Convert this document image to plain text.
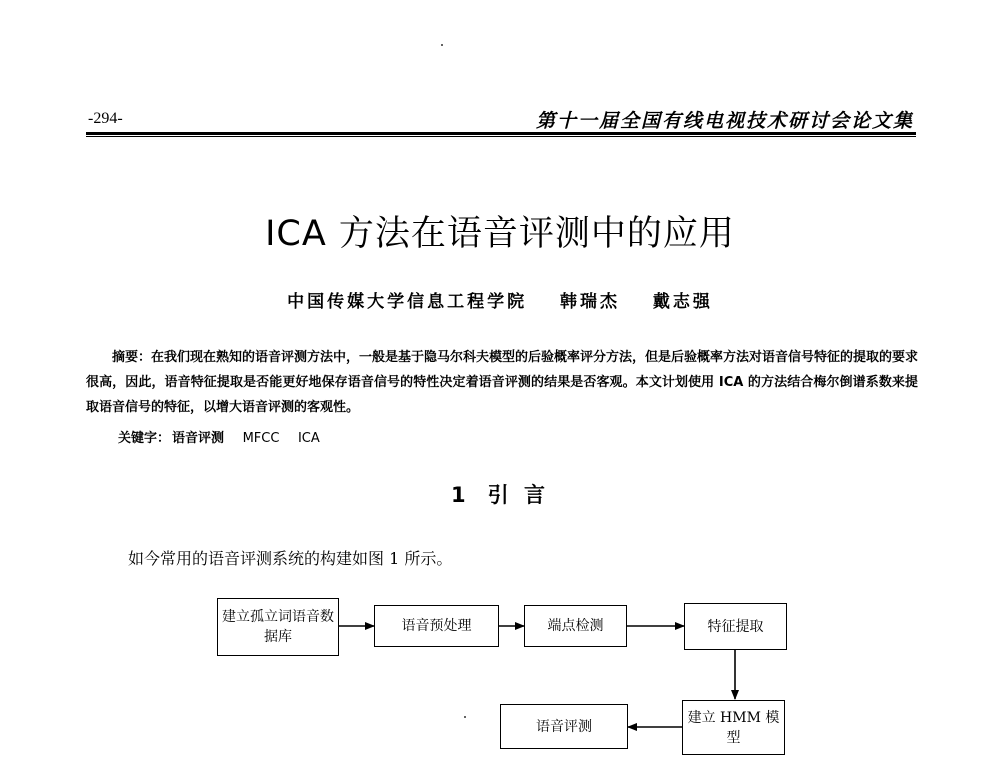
-294-	第十一届全国有线电视技术研讨会论文集
ICA 方法在语音评测中的应用
中国传媒大学信息工程学院 韩瑞杰 戴志强
摘要：在我们现在熟知的语音评测方法中，一般是基于隐马尔科夫模型的后验概率评分方法，但是后验概率方法对语音信号特征的提取的要求很高，因此，语音特征提取是否能更好地保存语音信号的特性决定着语音评测的结果是否客观。本文计划使用 ICA 的方法结合梅尔倒谱系数来提取语音信号的特征，以增大语音评测的客观性。
关键字： 语音评测 MFCC ICA
1 引 言
如今常用的语音评测系统的构建如图 1 所示。
建立孤立词语音数据库
语音预处理	端点检测	特征提取
建立 HMM 模型
语音评测
